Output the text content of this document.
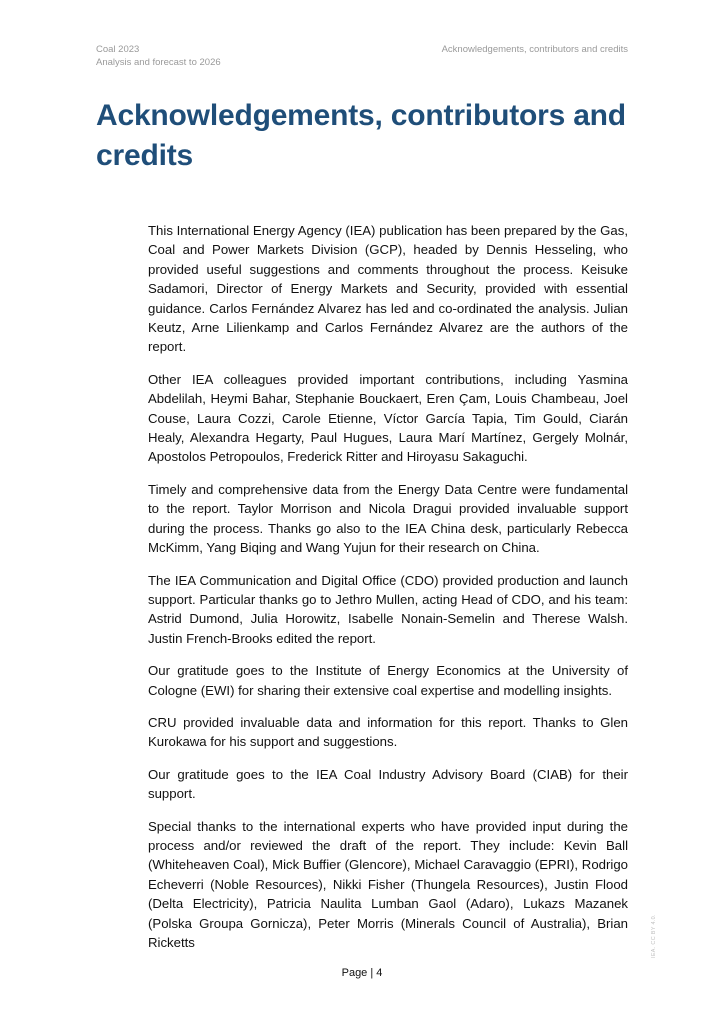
Coal 2023
Analysis and forecast to 2026
Acknowledgements, contributors and credits
Acknowledgements, contributors and credits

This International Energy Agency (IEA) publication has been prepared by the Gas, Coal and Power Markets Division (GCP), headed by Dennis Hesseling, who provided useful suggestions and comments throughout the process. Keisuke Sadamori, Director of Energy Markets and Security, provided with essential guidance. Carlos Fernández Alvarez has led and co-ordinated the analysis. Julian Keutz, Arne Lilienkamp and Carlos Fernández Alvarez are the authors of the report.

Other IEA colleagues provided important contributions, including Yasmina Abdelilah, Heymi Bahar, Stephanie Bouckaert, Eren Çam, Louis Chambeau, Joel Couse, Laura Cozzi, Carole Etienne, Víctor García Tapia, Tim Gould, Ciarán Healy, Alexandra Hegarty, Paul Hugues, Laura Marí Martínez, Gergely Molnár, Apostolos Petropoulos, Frederick Ritter and Hiroyasu Sakaguchi.

Timely and comprehensive data from the Energy Data Centre were fundamental to the report. Taylor Morrison and Nicola Dragui provided invaluable support during the process. Thanks go also to the IEA China desk, particularly Rebecca McKimm, Yang Biqing and Wang Yujun for their research on China.

The IEA Communication and Digital Office (CDO) provided production and launch support. Particular thanks go to Jethro Mullen, acting Head of CDO, and his team: Astrid Dumond, Julia Horowitz, Isabelle Nonain-Semelin and Therese Walsh. Justin French-Brooks edited the report.

Our gratitude goes to the Institute of Energy Economics at the University of Cologne (EWI) for sharing their extensive coal expertise and modelling insights.

CRU provided invaluable data and information for this report. Thanks to Glen Kurokawa for his support and suggestions.

Our gratitude goes to the IEA Coal Industry Advisory Board (CIAB) for their support.

Special thanks to the international experts who have provided input during the process and/or reviewed the draft of the report. They include: Kevin Ball (Whiteheaven Coal), Mick Buffier (Glencore), Michael Caravaggio (EPRI), Rodrigo Echeverri (Noble Resources), Nikki Fisher (Thungela Resources), Justin Flood (Delta Electricity), Patricia Naulita Lumban Gaol (Adaro), Lukazs Mazanek (Polska Groupa Gornicza), Peter Morris (Minerals Council of Australia), Brian Ricketts

Page | 4
IEA. CC BY 4.0.
